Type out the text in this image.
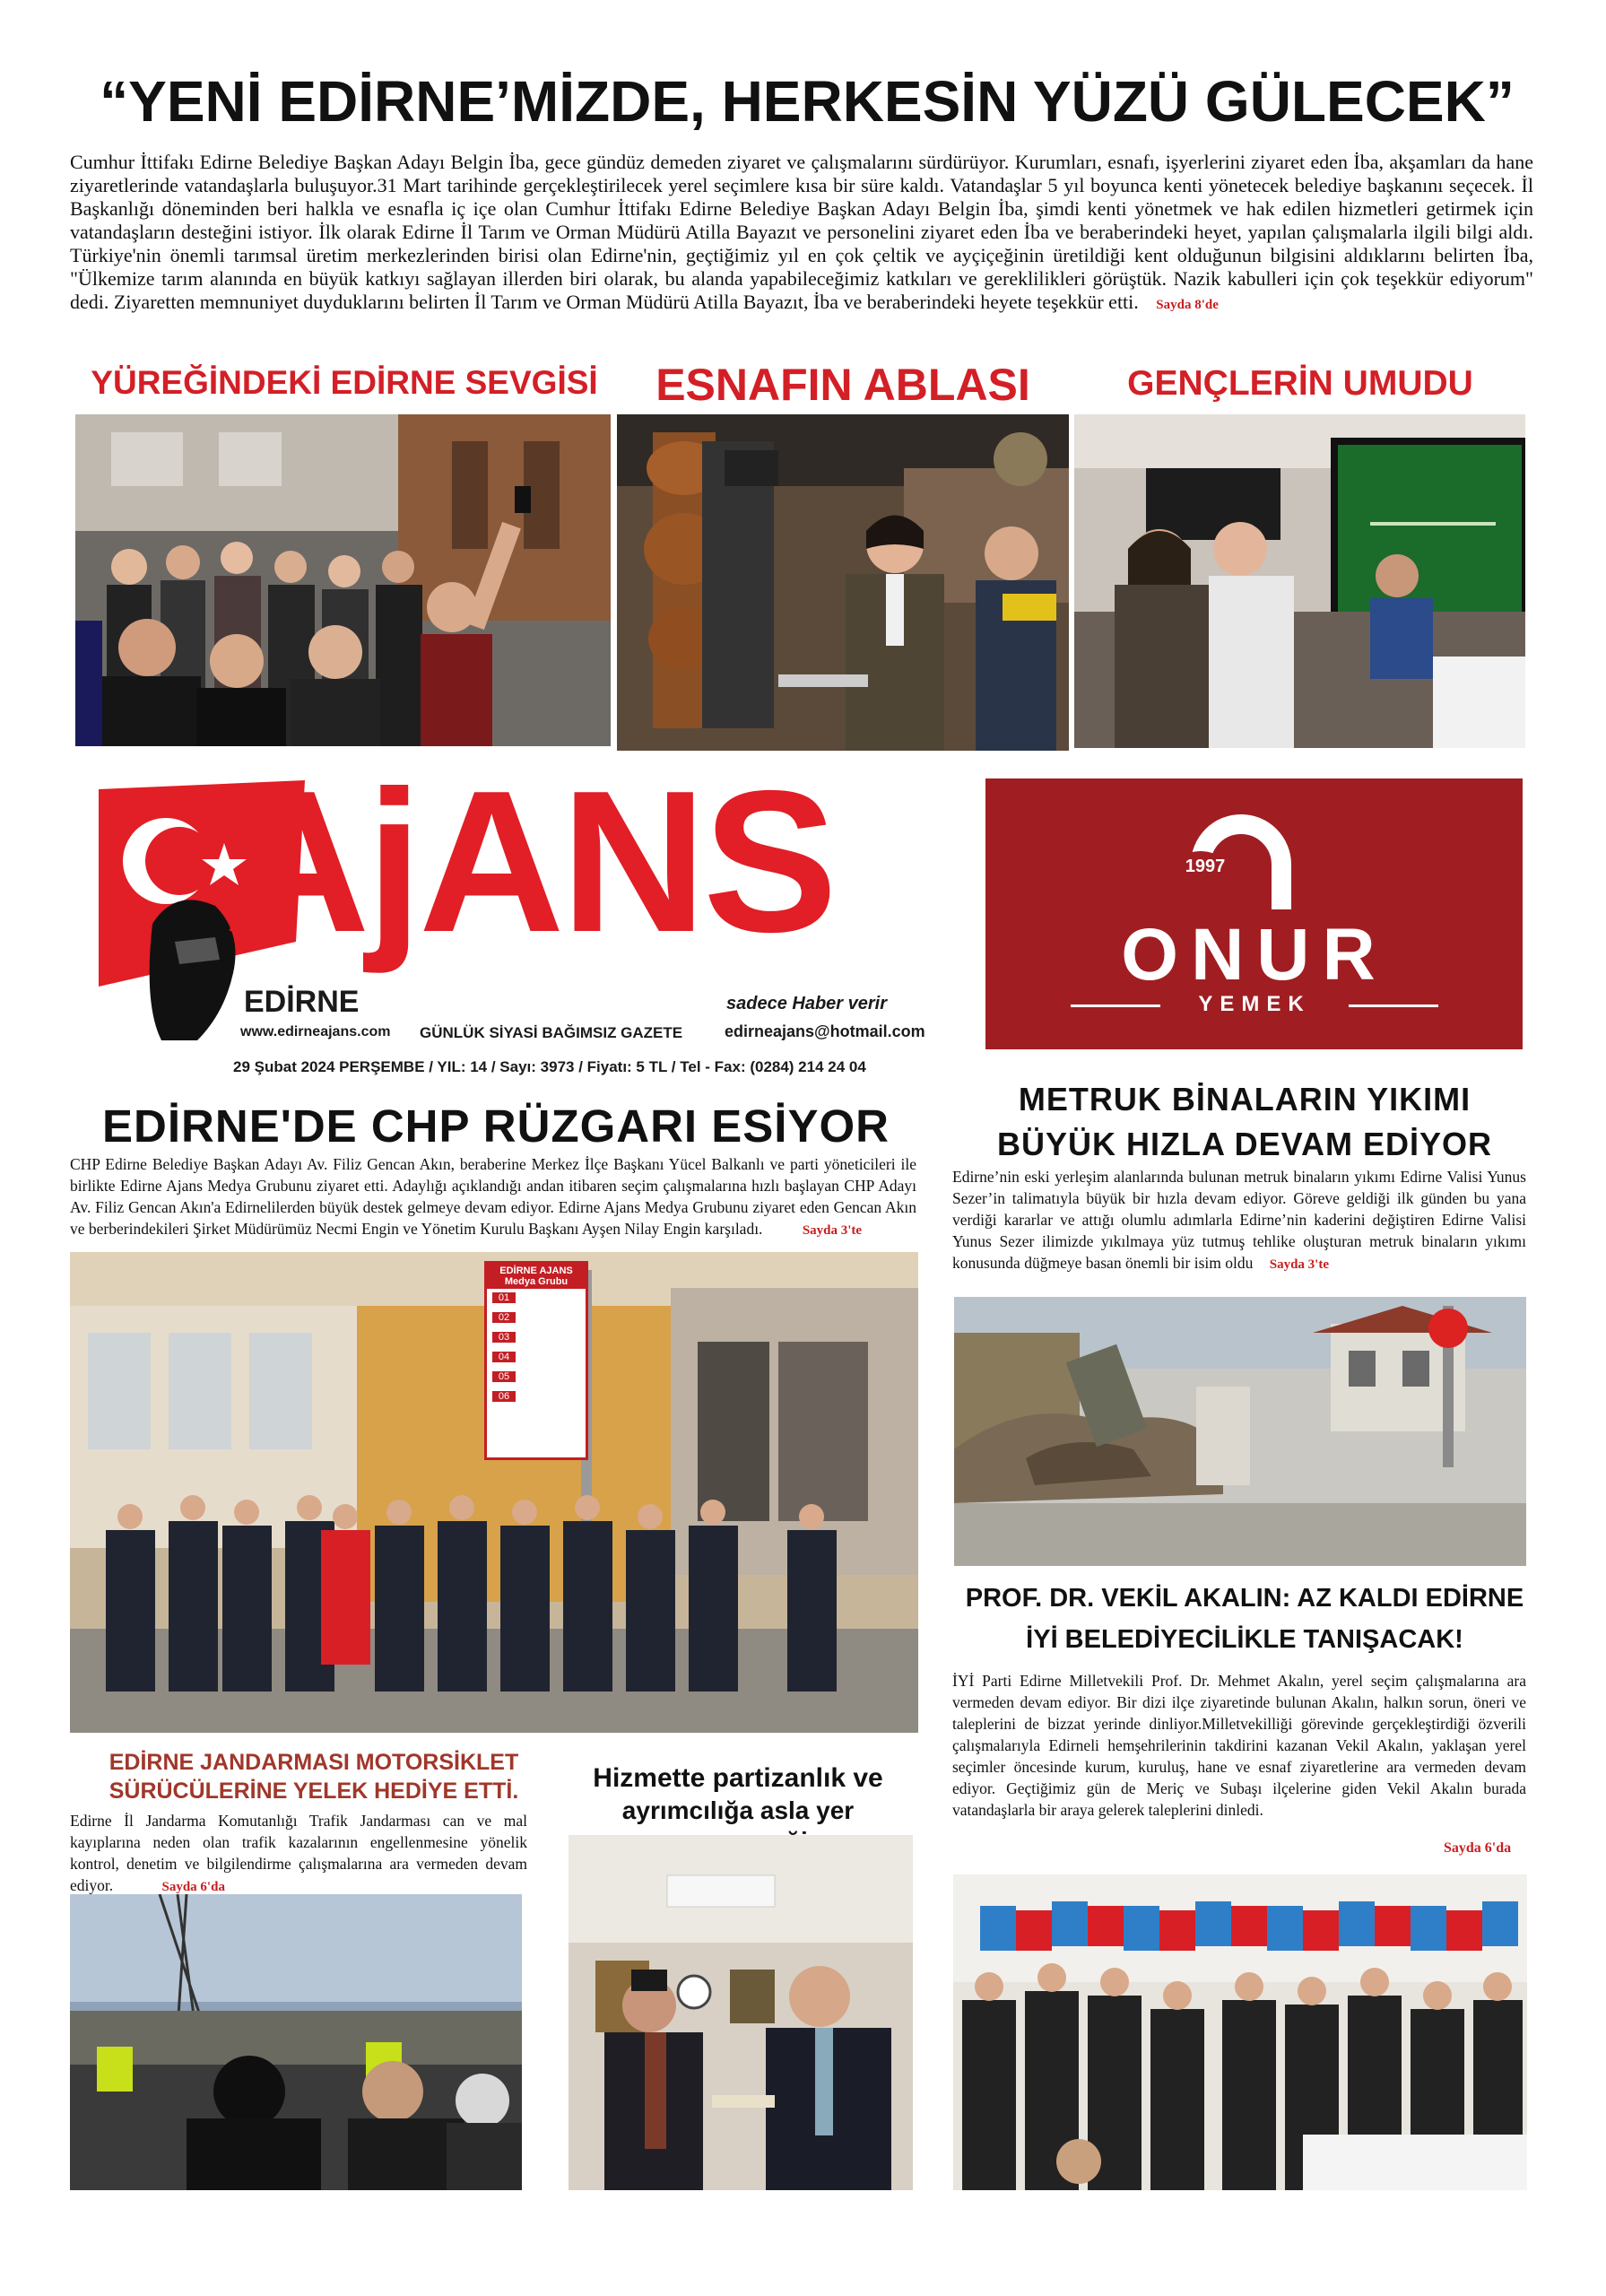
“YENİ EDİRNE’MİZDE, HERKESİN YÜZÜ GÜLECEK”
Cumhur İttifakı Edirne Belediye Başkan Adayı Belgin İba, gece gündüz demeden ziyaret ve çalışmalarını sürdürüyor. Kurumları, esnafı, işyerlerini ziyaret eden İba, akşamları da hane ziyaretlerinde vatandaşlarla buluşuyor.31 Mart tarihinde gerçekleştirilecek yerel seçimlere kısa bir süre kaldı. Vatandaşlar 5 yıl boyunca kenti yönetecek belediye başkanını seçecek. İl Başkanlığı döneminden beri halkla ve esnafla iç içe olan Cumhur İttifakı Edirne Belediye Başkan Adayı Belgin İba, şimdi kenti yönetmek ve hak edilen hizmetleri getirmek için vatandaşların desteğini istiyor. İlk olarak Edirne İl Tarım ve Orman Müdürü Atilla Bayazıt ve personelini ziyaret eden İba ve beraberindeki heyet, yapılan çalışmalarla ilgili bilgi aldı. Türkiye'nin önemli tarımsal üretim merkezlerinden birisi olan Edirne'nin, geçtiğimiz yıl en çok çeltik ve ayçiçeğinin üretildiği kent olduğunun bilgisini aldıklarını belirten İba, "Ülkemize tarım alanında en büyük katkıyı sağlayan illerden biri olarak, bu alanda yapabileceğimiz katkıları ve gereklilikleri görüştük. Nazik kabulleri için çok teşekkür ediyorum" dedi. Ziyaretten memnuniyet duyduklarını belirten İl Tarım ve Orman Müdürü Atilla Bayazıt, İba ve beraberindeki heyete teşekkür etti. Sayda 8'de
YÜREĞİNDEKİ EDİRNE SEVGİSİ	ESNAFIN ABLASI	GENÇLERİN UMUDU
AjANS
EDİRNE
www.edirneajans.com GÜNLÜK SİYASİ BAĞIMSIZ GAZETE
sadece Haber verir
edirneajans@hotmail.com
29 Şubat 2024 PERŞEMBE / YIL: 14 / Sayı: 3973 / Fiyatı: 5 TL / Tel - Fax: (0284) 214 24 04
1997
ONUR
YEMEK
EDİRNE'DE CHP RÜZGARI ESİYOR
CHP Edirne Belediye Başkan Adayı Av. Filiz Gencan Akın, beraberine Merkez İlçe Başkanı Yücel Balkanlı ve parti yöneticileri ile birlikte Edirne Ajans Medya Grubunu ziyaret etti. Adaylığı açıklandığı andan itibaren seçim çalışmalarına hızlı başlayan CHP Adayı Av. Filiz Gencan Akın'a Edirnelilerden büyük destek gelmeye devam ediyor. Edirne Ajans Medya Grubunu ziyaret eden Gencan Akın ve berberindekileri Şirket Müdürümüz Necmi Engin ve Yönetim Kurulu Başkanı Ayşen Nilay Engin karşıladı.	Sayda 3'te
EDİRNE AJANS Medya Grubu
01
02
03
04
05
06
METRUK BİNALARIN YIKIMI
BÜYÜK HIZLA DEVAM EDİYOR
Edirne’nin eski yerleşim alanlarında bulunan metruk binaların yıkımı Edirne Valisi Yunus Sezer’in talimatıyla büyük bir hızla devam ediyor. Göreve geldiği ilk günden bu yana verdiği kararlar ve attığı olumlu adımlarla Edirne’nin kaderini değiştiren Edirne Valisi Yunus Sezer ilimizde yıkılmaya yüz tutmuş tehlike oluşturan metruk binaların yıkımı konusunda düğmeye basan önemli bir isim oldu Sayda 3'te
PROF. DR. VEKİL AKALIN: AZ KALDI EDİRNE
İYİ BELEDİYECİLİKLE TANIŞACAK!
İYİ Parti Edirne Milletvekili Prof. Dr. Mehmet Akalın, yerel seçim çalışmalarına ara vermeden devam ediyor. Bir dizi ilçe ziyaretinde bulunan Akalın, halkın sorun, öneri ve taleplerini de bizzat yerinde dinliyor.Milletvekilliği görevinde gerçekleştirdiği özverili çalışmalarıyla Edirneli hemşehrilerinin takdirini kazanan Vekil Akalın, yaklaşan yerel seçimler öncesinde kurum, kuruluş, hane ve esnaf ziyaretlerine ara vermeden devam ediyor. Geçtiğimiz gün de Meriç ve Subaşı ilçelerine giden Vekil Akalın burada vatandaşlarla bir araya gelerek taleplerini dinledi.
Sayda 6'da
EDİRNE JANDARMASI MOTORSİKLET
SÜRÜCÜLERİNE YELEK HEDİYE ETTİ.
Edirne İl Jandarma Komutanlığı Trafik Jandarması can ve mal kayıplarına neden olan trafik kazalarının engellenmesine yönelik kontrol, denetim ve bilgilendirme çalışmalarına ara vermeden devam ediyor.	Sayda 6'da
Hizmette partizanlık ve
ayrımcılığa asla yer
